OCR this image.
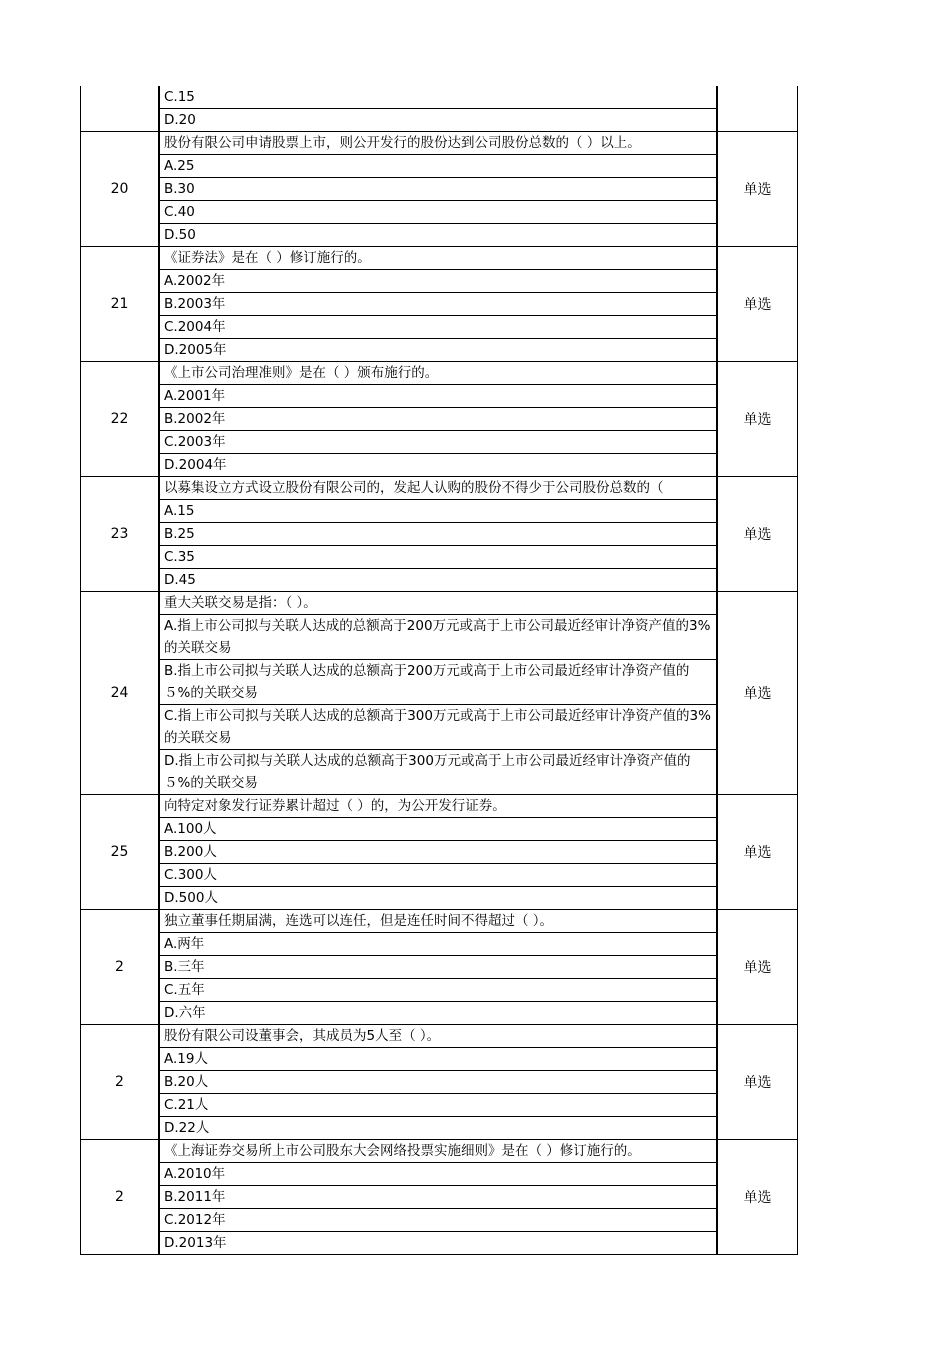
C.15
D.20
20
股份有限公司申请股票上市，则公开发行的股份达到公司股份总数的（ ）以上。
A.25
B.30
C.40
D.50
单选
21
《证券法》是在（ ）修订施行的。
A.2002年
B.2003年
C.2004年
D.2005年
单选
22
《上市公司治理准则》是在（ ）颁布施行的。
A.2001年
B.2002年
C.2003年
D.2004年
单选
23
以募集设立方式设立股份有限公司的，发起人认购的股份不得少于公司股份总数的（
A.15
B.25
C.35
D.45
单选
24
重大关联交易是指：（ ）。
A.指上市公司拟与关联人达成的总额高于200万元或高于上市公司最近经审计净资产值的3%的关联交易
B.指上市公司拟与关联人达成的总额高于200万元或高于上市公司最近经审计净资产值的５%的关联交易
C.指上市公司拟与关联人达成的总额高于300万元或高于上市公司最近经审计净资产值的3%的关联交易
D.指上市公司拟与关联人达成的总额高于300万元或高于上市公司最近经审计净资产值的５%的关联交易
单选
25
向特定对象发行证券累计超过（ ）的，为公开发行证券。
A.100人
B.200人
C.300人
D.500人
单选
2
独立董事任期届满，连选可以连任，但是连任时间不得超过（ ）。
A.两年
B.三年
C.五年
D.六年
单选
2
股份有限公司设董事会，其成员为5人至（ ）。
A.19人
B.20人
C.21人
D.22人
单选
2
《上海证券交易所上市公司股东大会网络投票实施细则》是在（ ）修订施行的。
A.2010年
B.2011年
C.2012年
D.2013年
单选
